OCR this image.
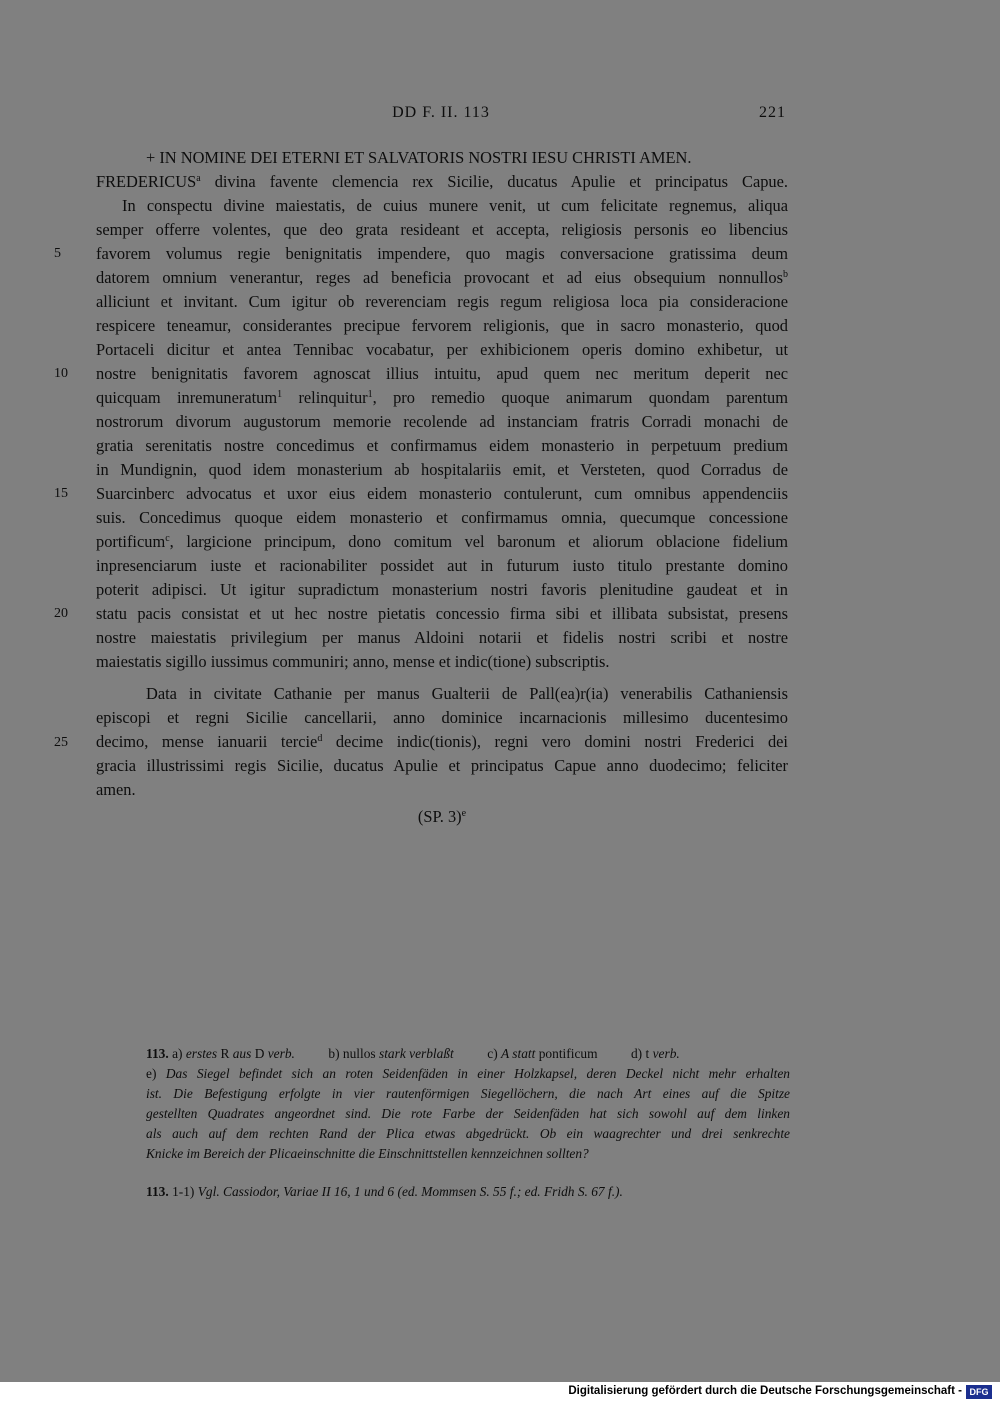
DD F. II. 113	221
5
10
15
20
25
+ IN NOMINE DEI ETERNI ET SALVATORIS NOSTRI IESU CHRISTI AMEN.
FREDERICUS$^a$ divina favente clemencia rex Sicilie, ducatus Apulie et principatus Capue.
In conspectu divine maiestatis, de cuius munere venit, ut cum felicitate regnemus, aliqua
semper offerre volentes, que deo grata resideant et accepta, religiosis personis eo libencius
favorem volumus regie benignitatis impendere, quo magis conversacione gratissima deum
datorem omnium venerantur, reges ad beneficia provocant et ad eius obsequium nonnullos$^b$
alliciunt et invitant. Cum igitur ob reverenciam regis regum religiosa loca pia consideracione
respicere teneamur, considerantes precipue fervorem religionis, que in sacro monasterio, quod
Portaceli dicitur et antea Tennibac vocabatur, per exhibicionem operis domino exhibetur, ut
nostre benignitatis favorem agnoscat illius intuitu, apud quem nec meritum deperit nec
quicquam inremuneratum$^1$ relinquitur$^1$, pro remedio quoque animarum quondam parentum
nostrorum divorum augustorum memorie recolende ad instanciam fratris Corradi monachi de
gratia serenitatis nostre concedimus et confirmamus eidem monasterio in perpetuum predium
in Mundignin, quod idem monasterium ab hospitalariis emit, et Versteten, quod Corradus de
Suarcinberc advocatus et uxor eius eidem monasterio contulerunt, cum omnibus appendenciis
suis. Concedimus quoque eidem monasterio et confirmamus omnia, quecumque concessione
portificum$^c$, largicione principum, dono comitum vel baronum et aliorum oblacione fidelium
inpresenciarum iuste et racionabiliter possidet aut in futurum iusto titulo prestante domino
poterit adipisci. Ut igitur supradictum monasterium nostri favoris plenitudine gaudeat et in
statu pacis consistat et ut hec nostre pietatis concessio firma sibi et illibata subsistat, presens
nostre maiestatis privilegium per manus Aldoini notarii et fidelis nostri scribi et nostre
maiestatis sigillo iussimus communiri; anno, mense et indic(tione) subscriptis.
Data in civitate Cathanie per manus Gualterii de Pall(ea)r(ia) venerabilis Cathaniensis
episcopi et regni Sicilie cancellarii, anno dominice incarnacionis millesimo ducentesimo
decimo, mense ianuarii tercie$^d$ decime indic(tionis), regni vero domini nostri Frederici dei
gracia illustrissimi regis Sicilie, ducatus Apulie et principatus Capue anno duodecimo; feliciter
amen.
(SP. 3)$^e$
113. a) erstes R aus D verb. b) nullos stark verblaßt c) A statt pontificum d) t verb.
e) Das Siegel befindet sich an roten Seidenfäden in einer Holzkapsel, deren Deckel nicht mehr erhalten
ist. Die Befestigung erfolgte in vier rautenförmigen Siegellöchern, die nach Art eines auf die Spitze
gestellten Quadrates angeordnet sind. Die rote Farbe der Seidenfäden hat sich sowohl auf dem linken
als auch auf dem rechten Rand der Plica etwas abgedrückt. Ob ein waagrechter und drei senkrechte
Knicke im Bereich der Plicaeinschnitte die Einschnittstellen kennzeichnen sollten?
113. 1-1) Vgl. Cassiodor, Variae II 16, 1 und 6 (ed. Mommsen S. 55 f.; ed. Fridh S. 67 f.).
Digitalisierung gefördert durch die Deutsche Forschungsgemeinschaft - DFG
